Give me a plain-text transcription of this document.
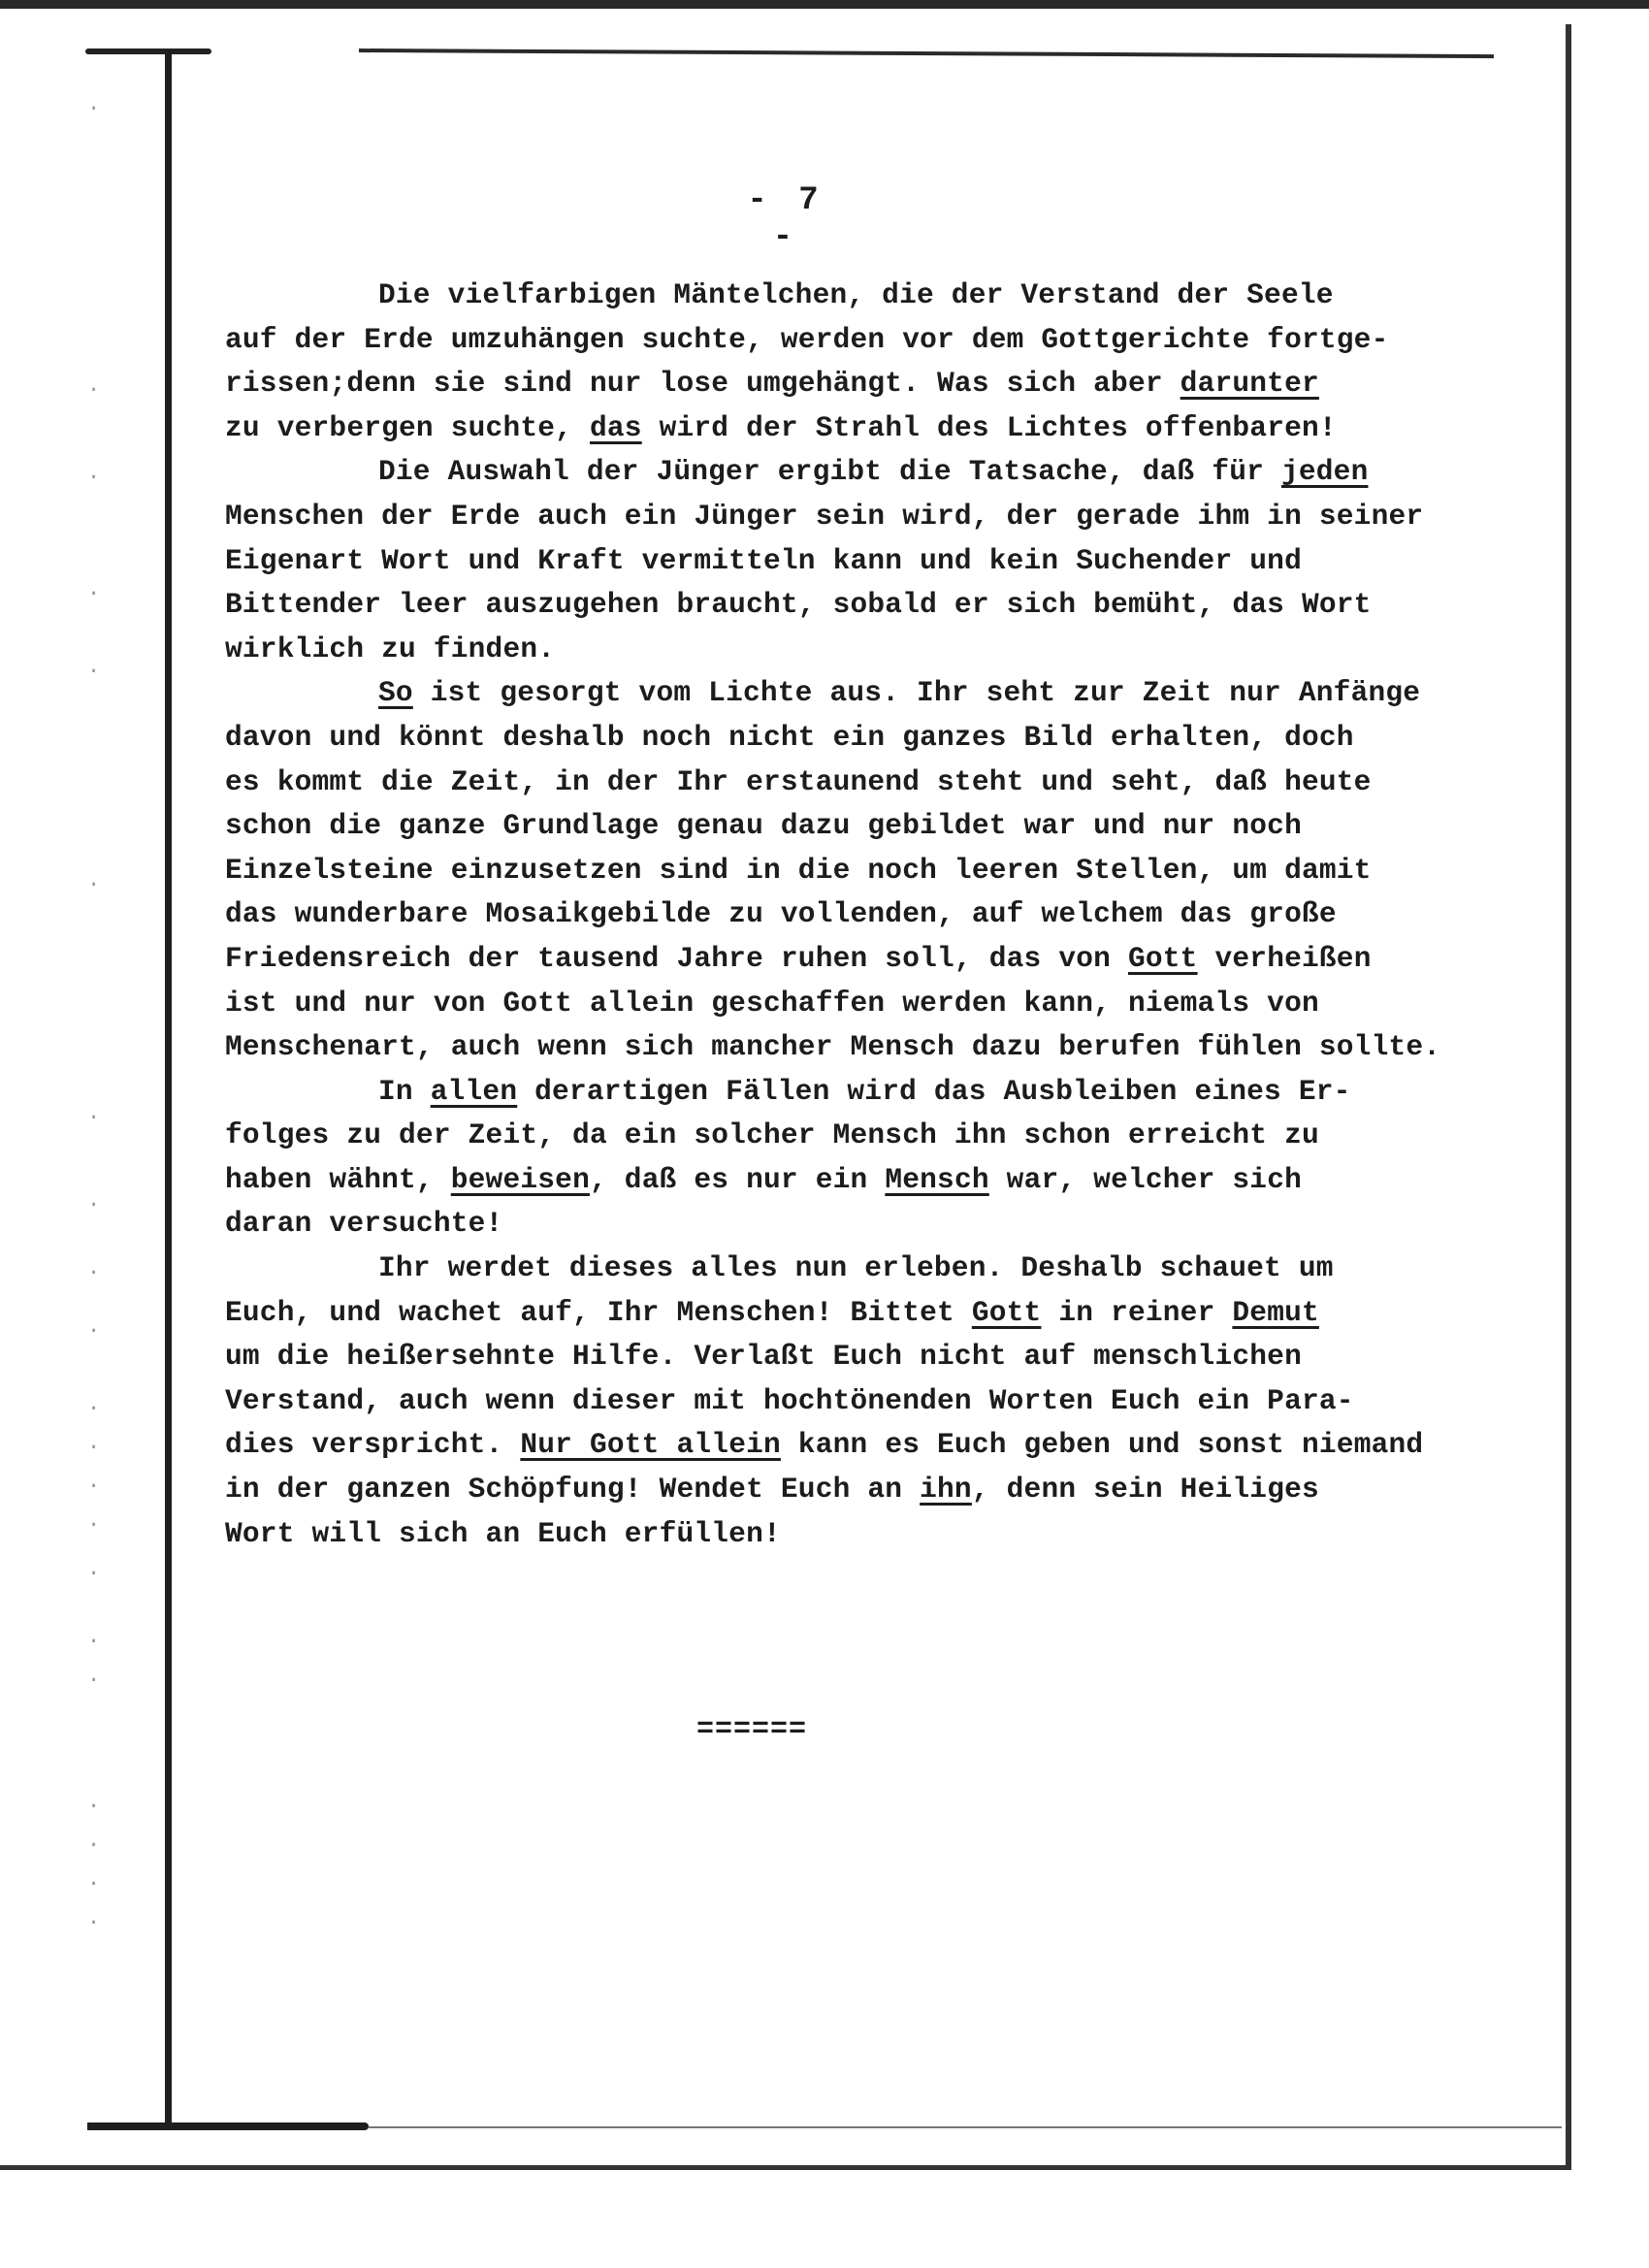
·
·
·
·
·
·
·
·
·
·
·
·
·
·
·
·
·
·
·
·
·
- 7 -
Die vielfarbigen Mäntelchen, die der Verstand der Seele
auf der Erde umzuhängen suchte, werden vor dem Gottgerichte fortge-
rissen;denn sie sind nur lose umgehängt. Was sich aber darunter
zu verbergen suchte, das wird der Strahl des Lichtes offenbaren!
Die Auswahl der Jünger ergibt die Tatsache, daß für jeden
Menschen der Erde auch ein Jünger sein wird, der gerade ihm in seiner
Eigenart Wort und Kraft vermitteln kann und kein Suchender und
Bittender leer auszugehen braucht, sobald er sich bemüht, das Wort
wirklich zu finden.
So ist gesorgt vom Lichte aus. Ihr seht zur Zeit nur Anfänge
davon und könnt deshalb noch nicht ein ganzes Bild erhalten, doch
es kommt die Zeit, in der Ihr erstaunend steht und seht, daß heute
schon die ganze Grundlage genau dazu gebildet war und nur noch
Einzelsteine einzusetzen sind in die noch leeren Stellen, um damit
das wunderbare Mosaikgebilde zu vollenden, auf welchem das große
Friedensreich der tausend Jahre ruhen soll, das von Gott verheißen
ist und nur von Gott allein geschaffen werden kann, niemals von
Menschenart, auch wenn sich mancher Mensch dazu berufen fühlen sollte.
In allen derartigen Fällen wird das Ausbleiben eines Er-
folges zu der Zeit, da ein solcher Mensch ihn schon erreicht zu
haben wähnt, beweisen, daß es nur ein Mensch war, welcher sich
daran versuchte!
Ihr werdet dieses alles nun erleben. Deshalb schauet um
Euch, und wachet auf, Ihr Menschen! Bittet Gott in reiner Demut
um die heißersehnte Hilfe. Verlaßt Euch nicht auf menschlichen
Verstand, auch wenn dieser mit hochtönenden Worten Euch ein Para-
dies verspricht. Nur Gott allein kann es Euch geben und sonst niemand
in der ganzen Schöpfung! Wendet Euch an ihn, denn sein Heiliges
Wort will sich an Euch erfüllen!
======
